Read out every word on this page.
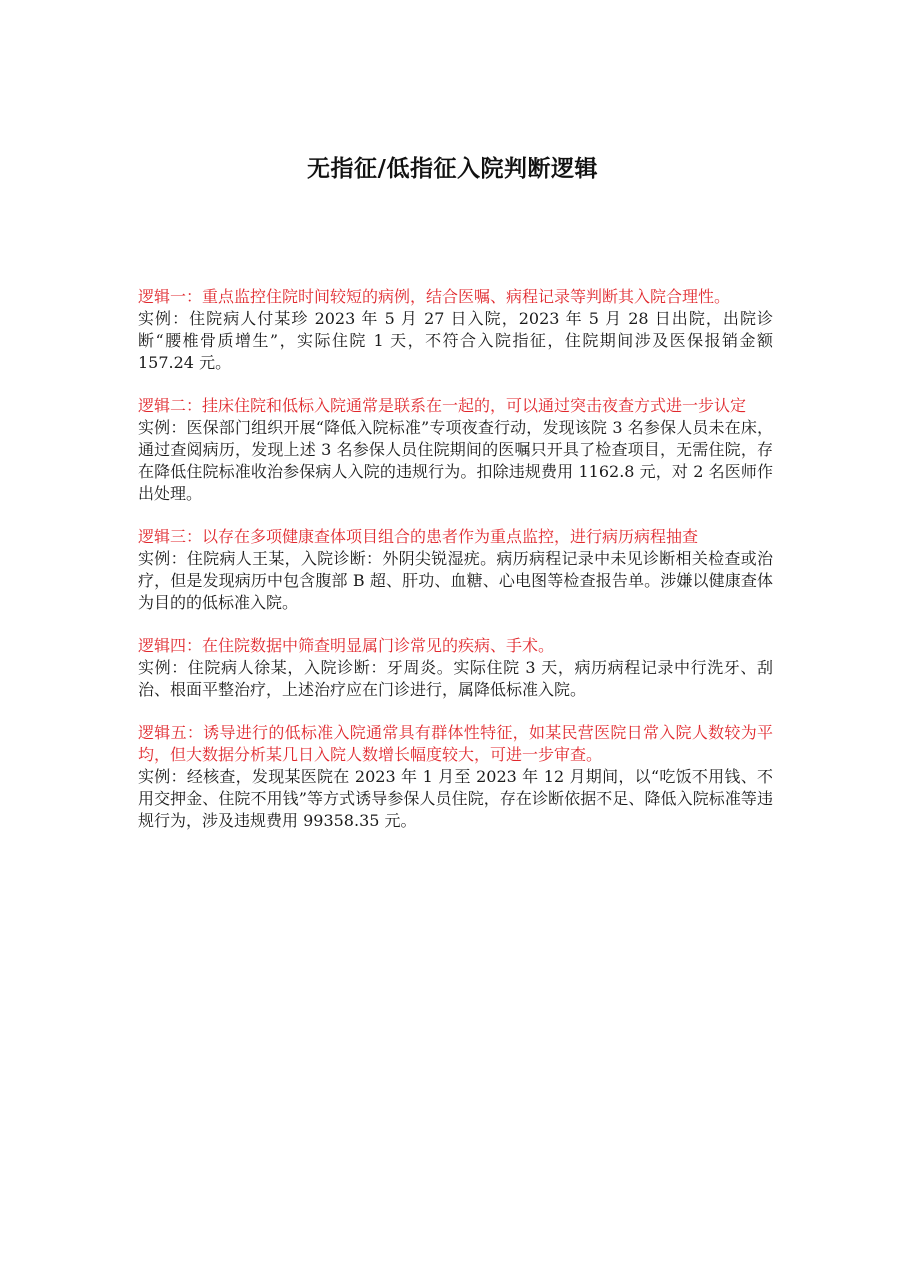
无指征/低指征入院判断逻辑

逻辑一：重点监控住院时间较短的病例，结合医嘱、病程记录等判断其入院合理性。

实例：住院病人付某珍 2023 年 5 月 27 日入院，2023 年 5 月 28 日出院，出院诊断“腰椎骨质增生”，实际住院 1 天，不符合入院指征，住院期间涉及医保报销金额 157.24 元。

逻辑二：挂床住院和低标入院通常是联系在一起的，可以通过突击夜查方式进一步认定

实例：医保部门组织开展“降低入院标准”专项夜查行动，发现该院 3 名参保人员未在床，通过查阅病历，发现上述 3 名参保人员住院期间的医嘱只开具了检查项目，无需住院，存在降低住院标准收治参保病人入院的违规行为。扣除违规费用 1162.8 元，对 2 名医师作出处理。

逻辑三：以存在多项健康查体项目组合的患者作为重点监控，进行病历病程抽查

实例：住院病人王某，入院诊断：外阴尖锐湿疣。病历病程记录中未见诊断相关检查或治疗，但是发现病历中包含腹部 B 超、肝功、血糖、心电图等检查报告单。涉嫌以健康查体为目的的低标准入院。

逻辑四：在住院数据中筛查明显属门诊常见的疾病、手术。

实例：住院病人徐某，入院诊断：牙周炎。实际住院 3 天，病历病程记录中行洗牙、刮治、根面平整治疗，上述治疗应在门诊进行，属降低标准入院。

逻辑五：诱导进行的低标准入院通常具有群体性特征，如某民营医院日常入院人数较为平均，但大数据分析某几日入院人数增长幅度较大，可进一步审查。

实例：经核查，发现某医院在 2023 年 1 月至 2023 年 12 月期间，以“吃饭不用钱、不用交押金、住院不用钱”等方式诱导参保人员住院，存在诊断依据不足、降低入院标准等违规行为，涉及违规费用 99358.35 元。
